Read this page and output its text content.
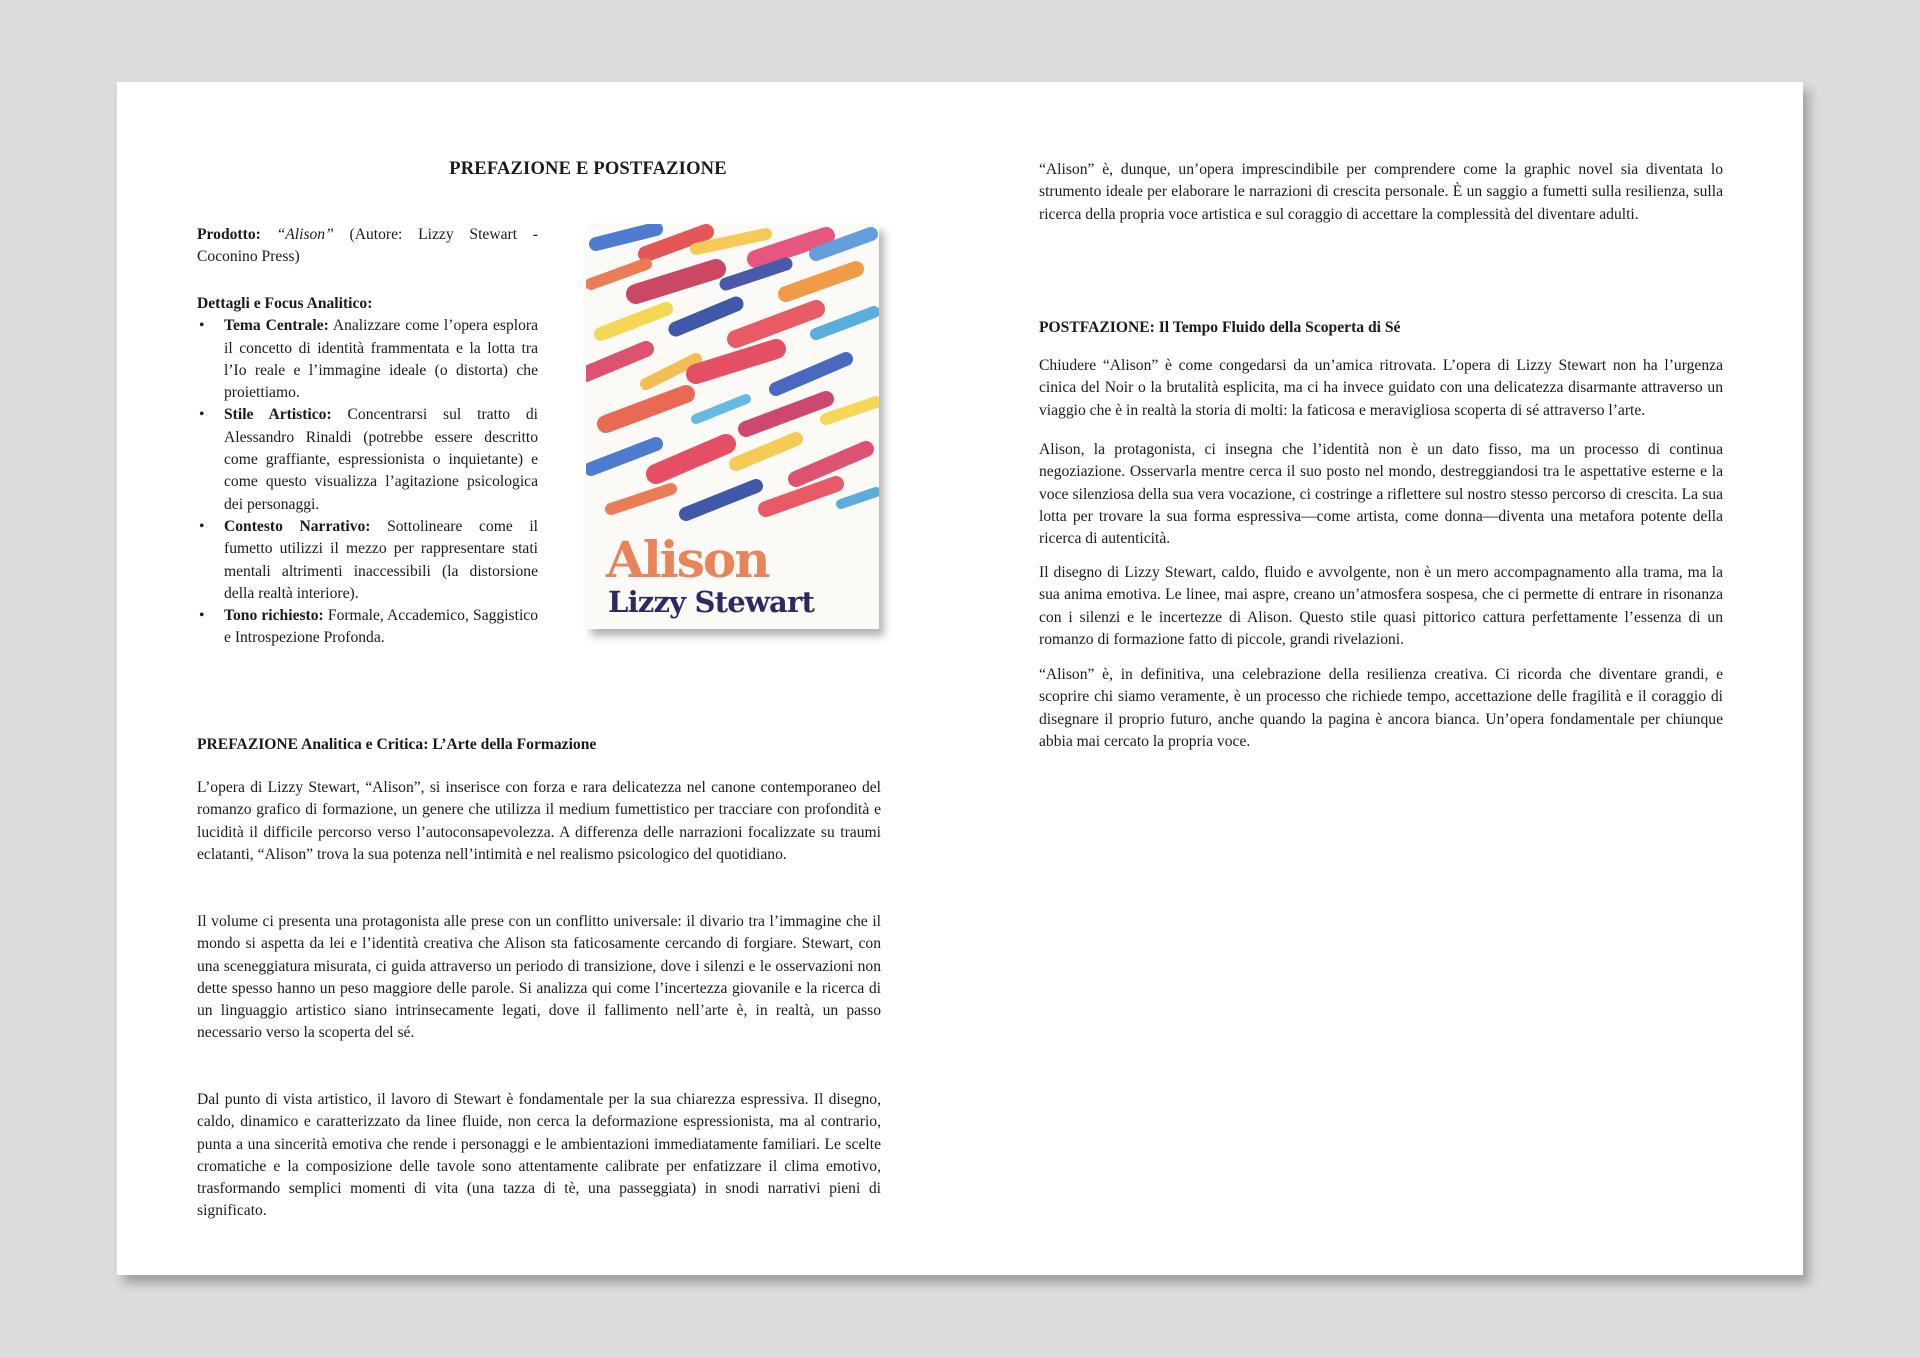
PREFAZIONE E POSTFAZIONE

Prodotto: “Alison” (Autore: Lizzy Stewart - Coconino Press)

Dettagli e Focus Analitico:
• Tema Centrale: Analizzare come l’opera esplora il concetto di identità frammentata e la lotta tra l’Io reale e l’immagine ideale (o distorta) che proiettiamo.
• Stile Artistico: Concentrarsi sul tratto di Alessandro Rinaldi (potrebbe essere descritto come graffiante, espressionista o inquietante) e come questo visualizza l’agitazione psicologica dei personaggi.
• Contesto Narrativo: Sottolineare come il fumetto utilizzi il mezzo per rappresentare stati mentali altrimenti inaccessibili (la distorsione della realtà interiore).
• Tono richiesto: Formale, Accademico, Saggistico e Introspezione Profonda.

Alison

Lizzy Stewart

PREFAZIONE Analitica e Critica: L’Arte della Formazione

L’opera di Lizzy Stewart, “Alison”, si inserisce con forza e rara delicatezza nel canone contemporaneo del romanzo grafico di formazione, un genere che utilizza il medium fumettistico per tracciare con profondità e lucidità il difficile percorso verso l’autoconsapevolezza. A differenza delle narrazioni focalizzate su traumi eclatanti, “Alison” trova la sua potenza nell’intimità e nel realismo psicologico del quotidiano.

Il volume ci presenta una protagonista alle prese con un conflitto universale: il divario tra l’immagine che il mondo si aspetta da lei e l’identità creativa che Alison sta faticosamente cercando di forgiare. Stewart, con una sceneggiatura misurata, ci guida attraverso un periodo di transizione, dove i silenzi e le osservazioni non dette spesso hanno un peso maggiore delle parole. Si analizza qui come l’incertezza giovanile e la ricerca di un linguaggio artistico siano intrinsecamente legati, dove il fallimento nell’arte è, in realtà, un passo necessario verso la scoperta del sé.

Dal punto di vista artistico, il lavoro di Stewart è fondamentale per la sua chiarezza espressiva. Il disegno, caldo, dinamico e caratterizzato da linee fluide, non cerca la deformazione espressionista, ma al contrario, punta a una sincerità emotiva che rende i personaggi e le ambientazioni immediatamente familiari. Le scelte cromatiche e la composizione delle tavole sono attentamente calibrate per enfatizzare il clima emotivo, trasformando semplici momenti di vita (una tazza di tè, una passeggiata) in snodi narrativi pieni di significato.

“Alison” è, dunque, un’opera imprescindibile per comprendere come la graphic novel sia diventata lo strumento ideale per elaborare le narrazioni di crescita personale. È un saggio a fumetti sulla resilienza, sulla ricerca della propria voce artistica e sul coraggio di accettare la complessità del diventare adulti.

POSTFAZIONE: Il Tempo Fluido della Scoperta di Sé

Chiudere “Alison” è come congedarsi da un’amica ritrovata. L’opera di Lizzy Stewart non ha l’urgenza cinica del Noir o la brutalità esplicita, ma ci ha invece guidato con una delicatezza disarmante attraverso un viaggio che è in realtà la storia di molti: la faticosa e meravigliosa scoperta di sé attraverso l’arte.

Alison, la protagonista, ci insegna che l’identità non è un dato fisso, ma un processo di continua negoziazione. Osservarla mentre cerca il suo posto nel mondo, destreggiandosi tra le aspettative esterne e la voce silenziosa della sua vera vocazione, ci costringe a riflettere sul nostro stesso percorso di crescita. La sua lotta per trovare la sua forma espressiva—come artista, come donna—diventa una metafora potente della ricerca di autenticità.

Il disegno di Lizzy Stewart, caldo, fluido e avvolgente, non è un mero accompagnamento alla trama, ma la sua anima emotiva. Le linee, mai aspre, creano un’atmosfera sospesa, che ci permette di entrare in risonanza con i silenzi e le incertezze di Alison. Questo stile quasi pittorico cattura perfettamente l’essenza di un romanzo di formazione fatto di piccole, grandi rivelazioni.

“Alison” è, in definitiva, una celebrazione della resilienza creativa. Ci ricorda che diventare grandi, e scoprire chi siamo veramente, è un processo che richiede tempo, accettazione delle fragilità e il coraggio di disegnare il proprio futuro, anche quando la pagina è ancora bianca. Un’opera fondamentale per chiunque abbia mai cercato la propria voce.
